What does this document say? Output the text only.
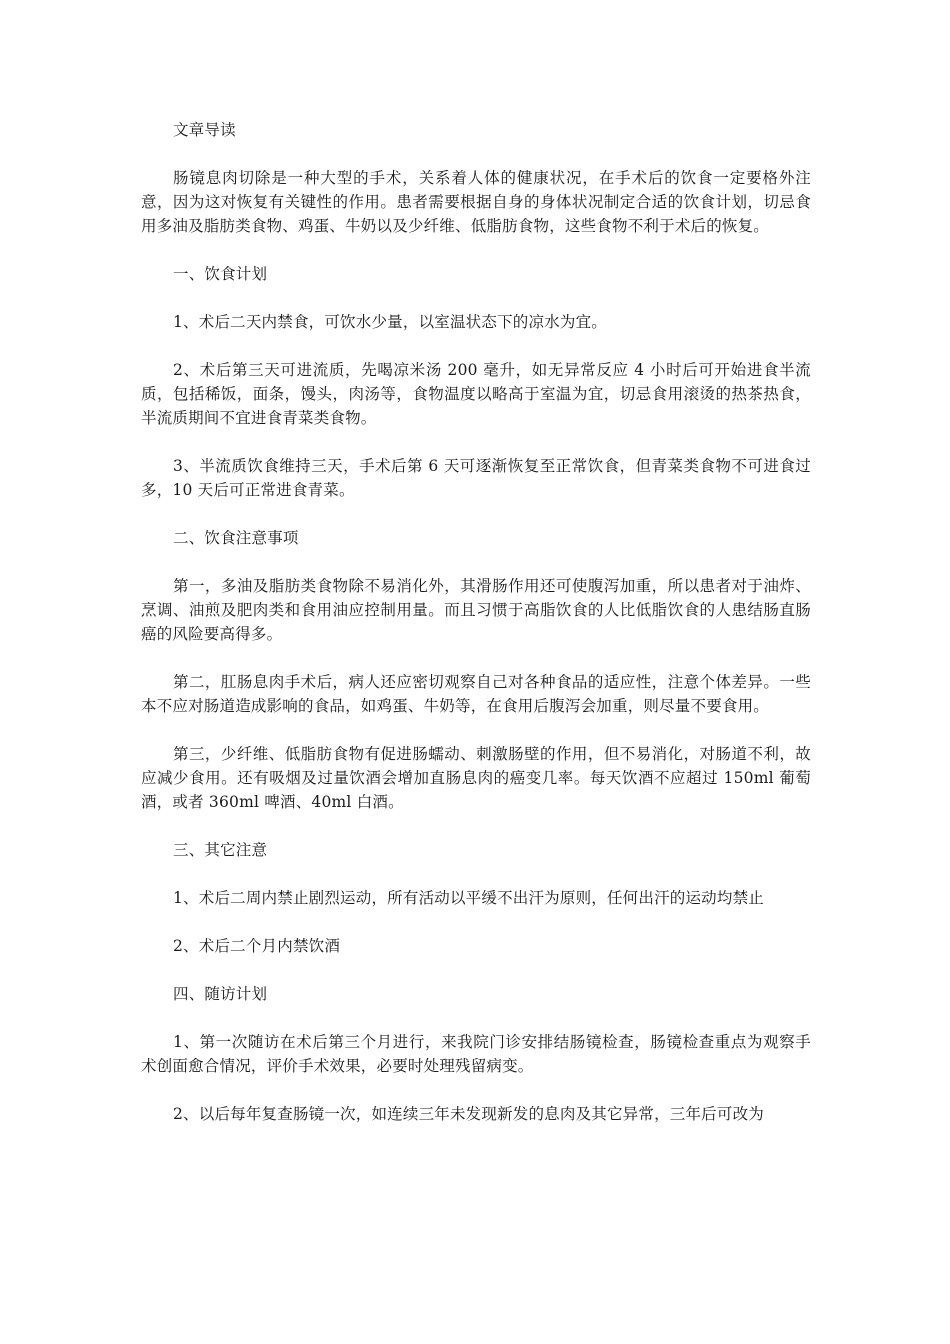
文章导读

肠镜息肉切除是一种大型的手术，关系着人体的健康状况，在手术后的饮食一定要格外注意，因为这对恢复有关键性的作用。患者需要根据自身的身体状况制定合适的饮食计划，切忌食用多油及脂肪类食物、鸡蛋、牛奶以及少纤维、低脂肪食物，这些食物不利于术后的恢复。

一、饮食计划

1、术后二天内禁食，可饮水少量，以室温状态下的凉水为宜。

2、术后第三天可进流质，先喝凉米汤 200 毫升，如无异常反应 4 小时后可开始进食半流质，包括稀饭，面条，馒头，肉汤等，食物温度以略高于室温为宜，切忌食用滚烫的热茶热食，半流质期间不宜进食青菜类食物。

3、半流质饮食维持三天，手术后第 6 天可逐渐恢复至正常饮食，但青菜类食物不可进食过多，10 天后可正常进食青菜。

二、饮食注意事项

第一，多油及脂肪类食物除不易消化外，其滑肠作用还可使腹泻加重，所以患者对于油炸、烹调、油煎及肥肉类和食用油应控制用量。而且习惯于高脂饮食的人比低脂饮食的人患结肠直肠癌的风险要高得多。

第二，肛肠息肉手术后，病人还应密切观察自己对各种食品的适应性，注意个体差异。一些本不应对肠道造成影响的食品，如鸡蛋、牛奶等，在食用后腹泻会加重，则尽量不要食用。

第三，少纤维、低脂肪食物有促进肠蠕动、刺激肠壁的作用，但不易消化，对肠道不利，故应减少食用。还有吸烟及过量饮酒会增加直肠息肉的癌变几率。每天饮酒不应超过 150ml 葡萄酒，或者 360ml 啤酒、40ml 白酒。

三、其它注意

1、术后二周内禁止剧烈运动，所有活动以平缓不出汗为原则，任何出汗的运动均禁止

2、术后二个月内禁饮酒

四、随访计划

1、第一次随访在术后第三个月进行，来我院门诊安排结肠镜检查，肠镜检查重点为观察手术创面愈合情况，评价手术效果，必要时处理残留病变。

2、以后每年复查肠镜一次，如连续三年未发现新发的息肉及其它异常，三年后可改为
